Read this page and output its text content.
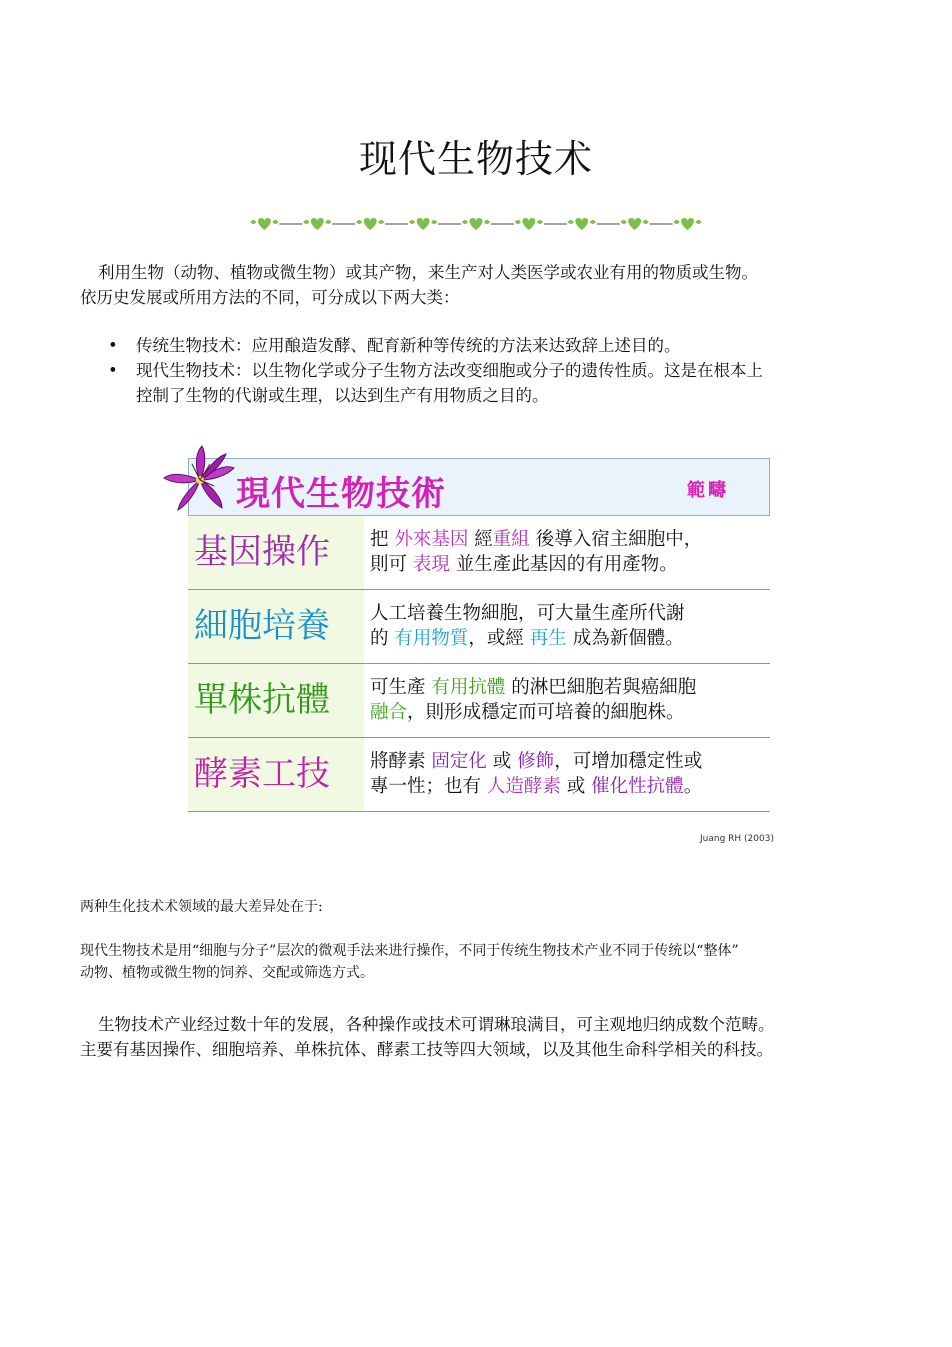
现代生物技术
利用生物（动物、植物或微生物）或其产物，来生产对人类医学或农业有用的物质或生物。
依历史发展或所用方法的不同，可分成以下两大类：
• 传统生物技术：应用酿造发酵、配育新种等传统的方法来达致辞上述目的。
• 现代生物技术：以生物化学或分子生物方法改变细胞或分子的遗传性质。这是在根本上
控制了生物的代谢或生理，以达到生产有用物质之目的。
現代生物技術	範疇
基因操作	把 外來基因 經重組 後導入宿主細胞中，
則可 表現 並生產此基因的有用產物。
細胞培養	人工培養生物細胞，可大量生產所代謝
的 有用物質，或經 再生 成為新個體。
單株抗體	可生產 有用抗體 的淋巴細胞若與癌細胞
融合，則形成穩定而可培養的細胞株。
酵素工技	將酵素 固定化 或 修飾，可增加穩定性或
專一性；也有 人造酵素 或 催化性抗體。
Juang RH (2003)

两种生化技术术领域的最大差异处在于:

现代生物技术是用“细胞与分子”层次的微观手法来进行操作，不同于传统生物技术产业不同于传统以“整体”
动物、植物或微生物的饲养、交配或筛选方式。
生物技术产业经过数十年的发展，各种操作或技术可谓琳琅满目，可主观地归纳成数个范畴。
主要有基因操作、细胞培养、单株抗体、酵素工技等四大领域，以及其他生命科学相关的科技。
